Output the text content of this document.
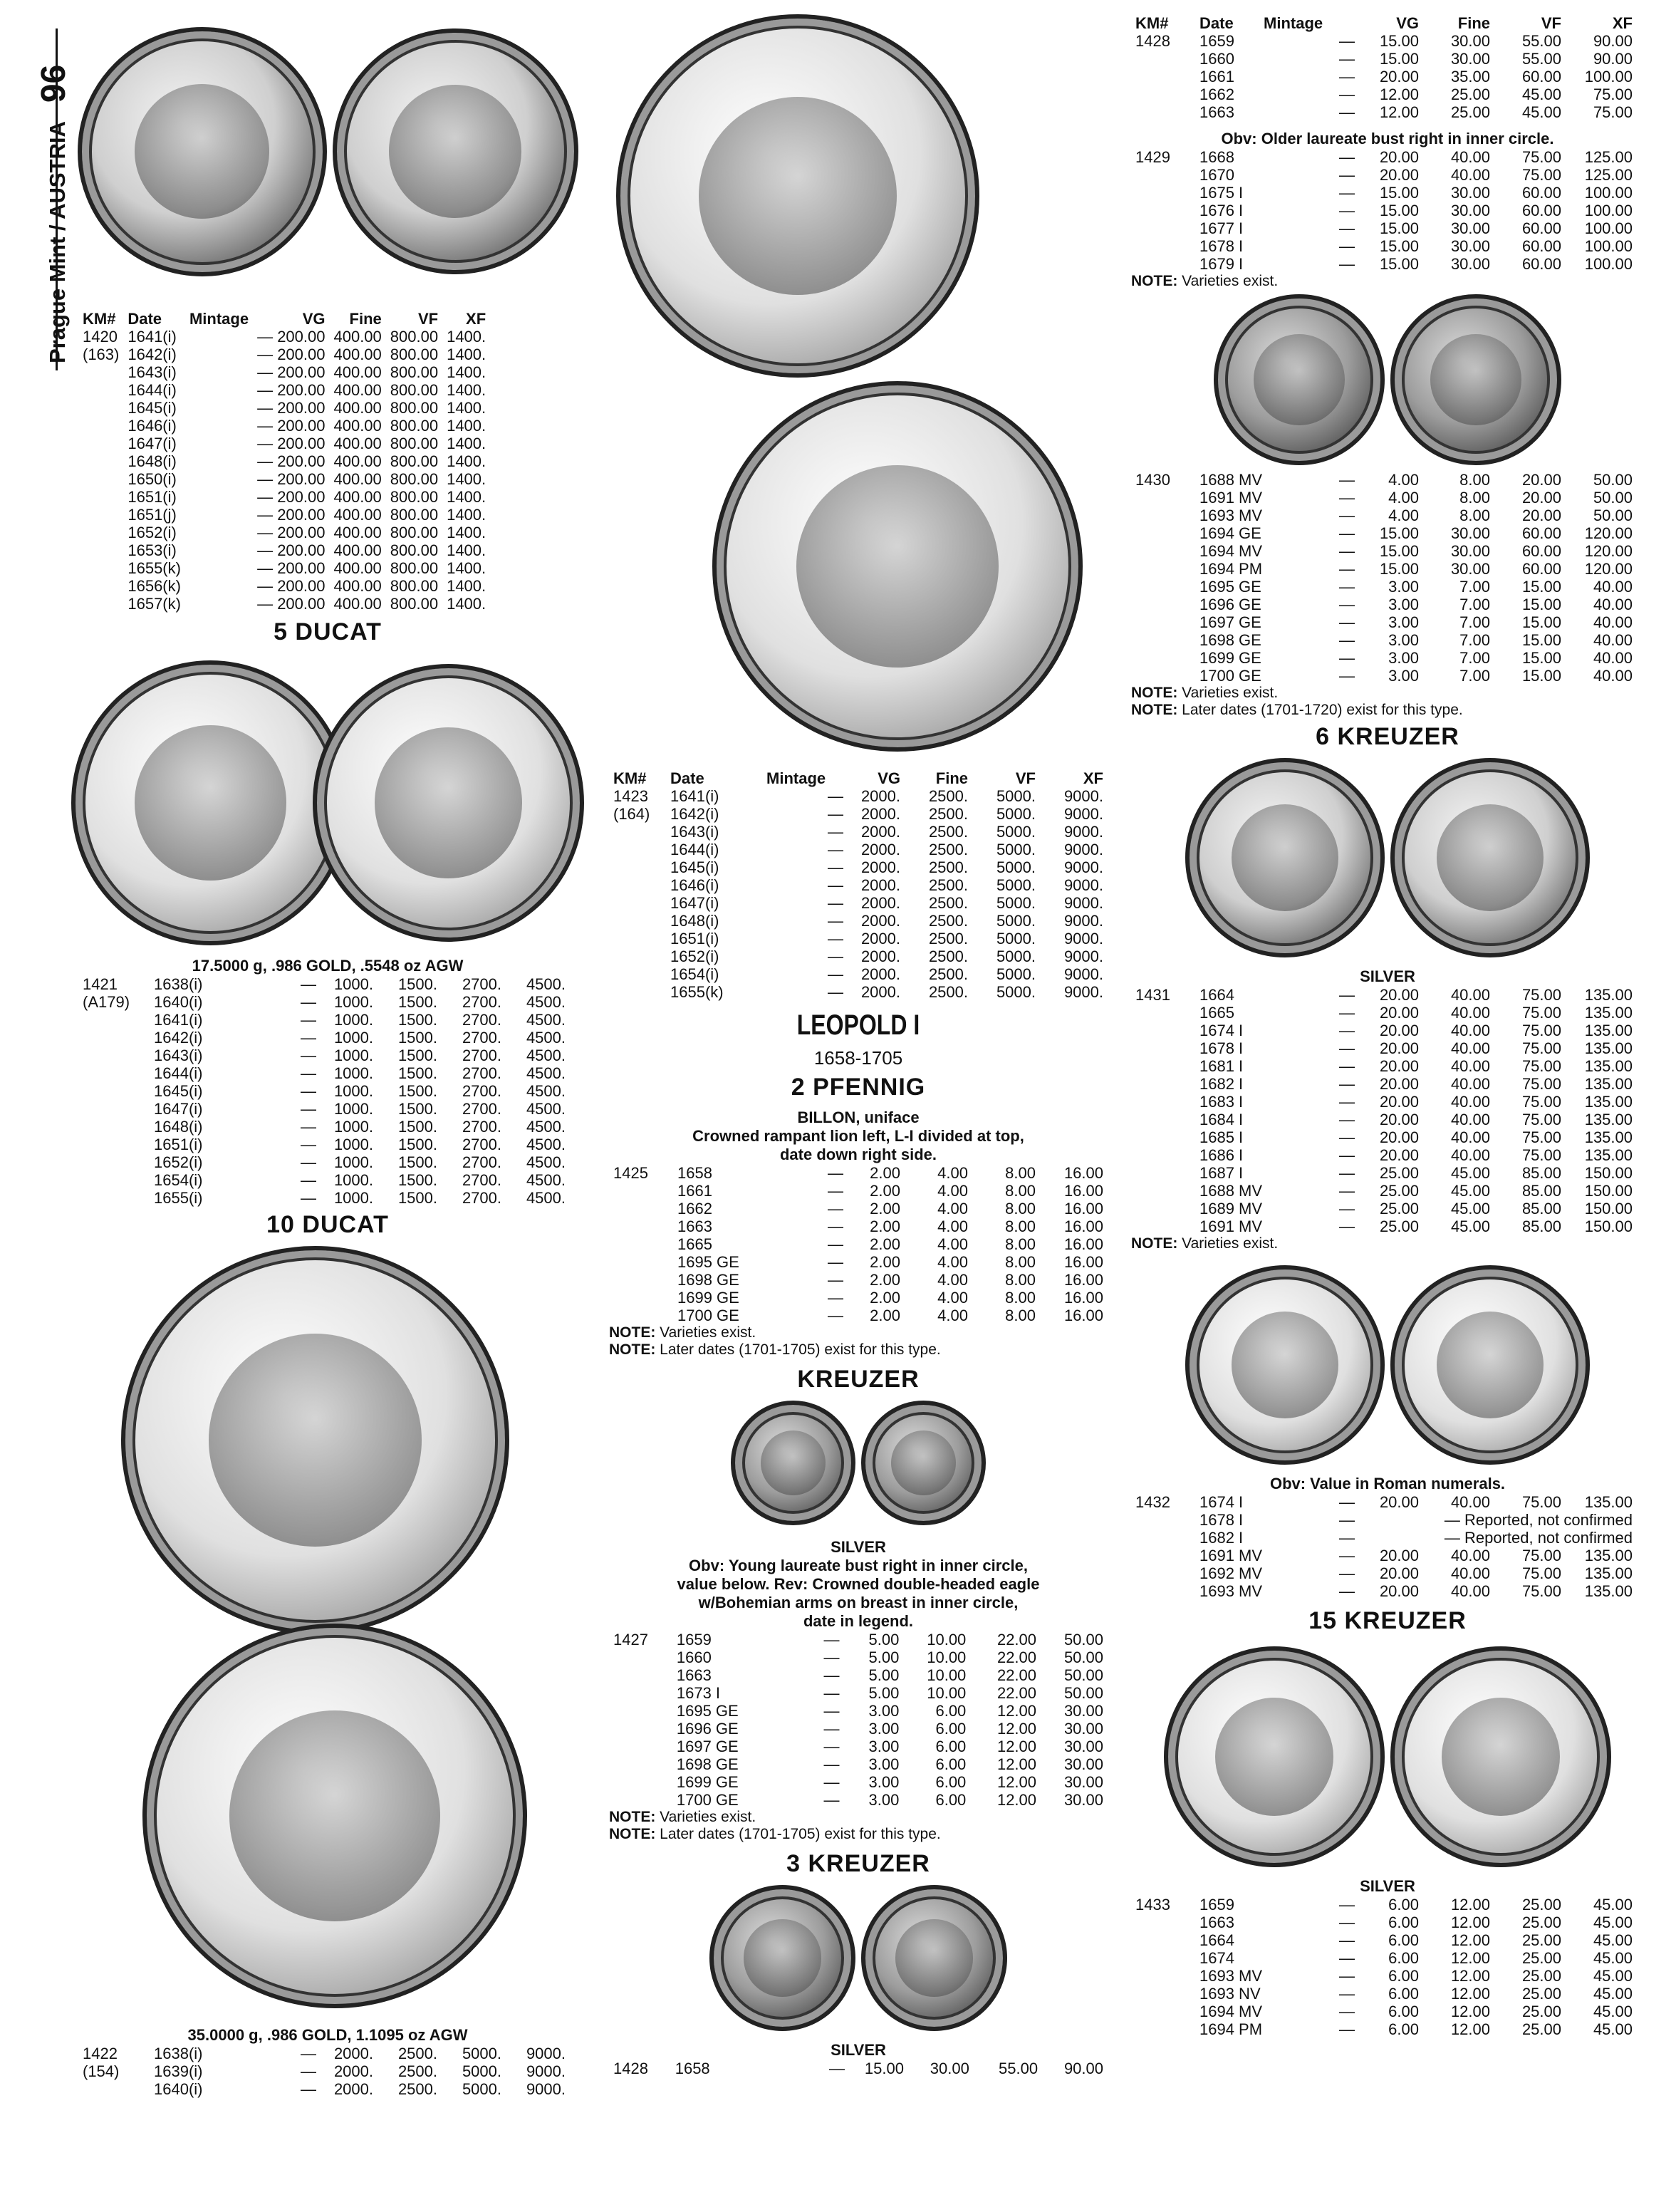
Prague Mint / AUSTRIA96
KM#	Date	Mintage	VG	Fine	VF	XF
1420	1641(i)		— 200.00	400.00	800.00	1400.
(163)	1642(i)		— 200.00	400.00	800.00	1400.
	1643(i)		— 200.00	400.00	800.00	1400.
	1644(i)		— 200.00	400.00	800.00	1400.
	1645(i)		— 200.00	400.00	800.00	1400.
	1646(i)		— 200.00	400.00	800.00	1400.
	1647(i)		— 200.00	400.00	800.00	1400.
	1648(i)		— 200.00	400.00	800.00	1400.
	1650(i)		— 200.00	400.00	800.00	1400.
	1651(i)		— 200.00	400.00	800.00	1400.
	1651(j)		— 200.00	400.00	800.00	1400.
	1652(i)		— 200.00	400.00	800.00	1400.
	1653(i)		— 200.00	400.00	800.00	1400.
	1655(k)		— 200.00	400.00	800.00	1400.
	1656(k)		— 200.00	400.00	800.00	1400.
	1657(k)		— 200.00	400.00	800.00	1400.
5 DUCAT
17.5000 g, .986 GOLD, .5548 oz AGW
1421	1638(i)	—	1000.	1500.	2700.	4500.
(A179)	1640(i)	—	1000.	1500.	2700.	4500.
	1641(i)	—	1000.	1500.	2700.	4500.
	1642(i)	—	1000.	1500.	2700.	4500.
	1643(i)	—	1000.	1500.	2700.	4500.
	1644(i)	—	1000.	1500.	2700.	4500.
	1645(i)	—	1000.	1500.	2700.	4500.
	1647(i)	—	1000.	1500.	2700.	4500.
	1648(i)	—	1000.	1500.	2700.	4500.
	1651(i)	—	1000.	1500.	2700.	4500.
	1652(i)	—	1000.	1500.	2700.	4500.
	1654(i)	—	1000.	1500.	2700.	4500.
	1655(i)	—	1000.	1500.	2700.	4500.
10 DUCAT
35.0000 g, .986 GOLD, 1.1095 oz AGW
1422	1638(i)	—	2000.	2500.	5000.	9000.
(154)	1639(i)	—	2000.	2500.	5000.	9000.
	1640(i)	—	2000.	2500.	5000.	9000.
KM#	Date	Mintage	VG	Fine	VF	XF
1423	1641(i)	—	2000.	2500.	5000.	9000.
(164)	1642(i)	—	2000.	2500.	5000.	9000.
	1643(i)	—	2000.	2500.	5000.	9000.
	1644(i)	—	2000.	2500.	5000.	9000.
	1645(i)	—	2000.	2500.	5000.	9000.
	1646(i)	—	2000.	2500.	5000.	9000.
	1647(i)	—	2000.	2500.	5000.	9000.
	1648(i)	—	2000.	2500.	5000.	9000.
	1651(i)	—	2000.	2500.	5000.	9000.
	1652(i)	—	2000.	2500.	5000.	9000.
	1654(i)	—	2000.	2500.	5000.	9000.
	1655(k)	—	2000.	2500.	5000.	9000.
LEOPOLD I
1658-1705
2 PFENNIG
BILLON, uniface
Crowned rampant lion left, L-I divided at top,
date down right side.
1425	1658	—	2.00	4.00	8.00	16.00
	1661	—	2.00	4.00	8.00	16.00
	1662	—	2.00	4.00	8.00	16.00
	1663	—	2.00	4.00	8.00	16.00
	1665	—	2.00	4.00	8.00	16.00
	1695 GE	—	2.00	4.00	8.00	16.00
	1698 GE	—	2.00	4.00	8.00	16.00
	1699 GE	—	2.00	4.00	8.00	16.00
	1700 GE	—	2.00	4.00	8.00	16.00
NOTE: Varieties exist.
NOTE: Later dates (1701-1705) exist for this type.
KREUZER
SILVER
Obv: Young laureate bust right in inner circle,
value below. Rev: Crowned double-headed eagle
w/Bohemian arms on breast in inner circle,
date in legend.
1427	1659	—	5.00	10.00	22.00	50.00
	1660	—	5.00	10.00	22.00	50.00
	1663	—	5.00	10.00	22.00	50.00
	1673 I	—	5.00	10.00	22.00	50.00
	1695 GE	—	3.00	6.00	12.00	30.00
	1696 GE	—	3.00	6.00	12.00	30.00
	1697 GE	—	3.00	6.00	12.00	30.00
	1698 GE	—	3.00	6.00	12.00	30.00
	1699 GE	—	3.00	6.00	12.00	30.00
	1700 GE	—	3.00	6.00	12.00	30.00
NOTE: Varieties exist.
NOTE: Later dates (1701-1705) exist for this type.
3 KREUZER
SILVER
1428	1658	—	15.00	30.00	55.00	90.00
KM#	Date	Mintage	VG	Fine	VF	XF
1428	1659	—	15.00	30.00	55.00	90.00
	1660	—	15.00	30.00	55.00	90.00
	1661	—	20.00	35.00	60.00	100.00
	1662	—	12.00	25.00	45.00	75.00
	1663	—	12.00	25.00	45.00	75.00
Obv: Older laureate bust right in inner circle.
1429	1668	—	20.00	40.00	75.00	125.00
	1670	—	20.00	40.00	75.00	125.00
	1675 I	—	15.00	30.00	60.00	100.00
	1676 I	—	15.00	30.00	60.00	100.00
	1677 I	—	15.00	30.00	60.00	100.00
	1678 I	—	15.00	30.00	60.00	100.00
	1679 I	—	15.00	30.00	60.00	100.00
NOTE: Varieties exist.
1430	1688 MV	—	4.00	8.00	20.00	50.00
	1691 MV	—	4.00	8.00	20.00	50.00
	1693 MV	—	4.00	8.00	20.00	50.00
	1694 GE	—	15.00	30.00	60.00	120.00
	1694 MV	—	15.00	30.00	60.00	120.00
	1694 PM	—	15.00	30.00	60.00	120.00
	1695 GE	—	3.00	7.00	15.00	40.00
	1696 GE	—	3.00	7.00	15.00	40.00
	1697 GE	—	3.00	7.00	15.00	40.00
	1698 GE	—	3.00	7.00	15.00	40.00
	1699 GE	—	3.00	7.00	15.00	40.00
	1700 GE	—	3.00	7.00	15.00	40.00
NOTE: Varieties exist.
NOTE: Later dates (1701-1720) exist for this type.
6 KREUZER
SILVER
1431	1664	—	20.00	40.00	75.00	135.00
	1665	—	20.00	40.00	75.00	135.00
	1674 I	—	20.00	40.00	75.00	135.00
	1678 I	—	20.00	40.00	75.00	135.00
	1681 I	—	20.00	40.00	75.00	135.00
	1682 I	—	20.00	40.00	75.00	135.00
	1683 I	—	20.00	40.00	75.00	135.00
	1684 I	—	20.00	40.00	75.00	135.00
	1685 I	—	20.00	40.00	75.00	135.00
	1686 I	—	20.00	40.00	75.00	135.00
	1687 I	—	25.00	45.00	85.00	150.00
	1688 MV	—	25.00	45.00	85.00	150.00
	1689 MV	—	25.00	45.00	85.00	150.00
	1691 MV	—	25.00	45.00	85.00	150.00
NOTE: Varieties exist.
Obv: Value in Roman numerals.
1432	1674 I	—	20.00	40.00	75.00	135.00
	1678 I	—	— Reported, not confirmed			
	1682 I	—	— Reported, not confirmed			
	1691 MV	—	20.00	40.00	75.00	135.00
	1692 MV	—	20.00	40.00	75.00	135.00
	1693 MV	—	20.00	40.00	75.00	135.00
15 KREUZER
SILVER
1433	1659	—	6.00	12.00	25.00	45.00
	1663	—	6.00	12.00	25.00	45.00
	1664	—	6.00	12.00	25.00	45.00
	1674	—	6.00	12.00	25.00	45.00
	1693 MV	—	6.00	12.00	25.00	45.00
	1693 NV	—	6.00	12.00	25.00	45.00
	1694 MV	—	6.00	12.00	25.00	45.00
	1694 PM	—	6.00	12.00	25.00	45.00
